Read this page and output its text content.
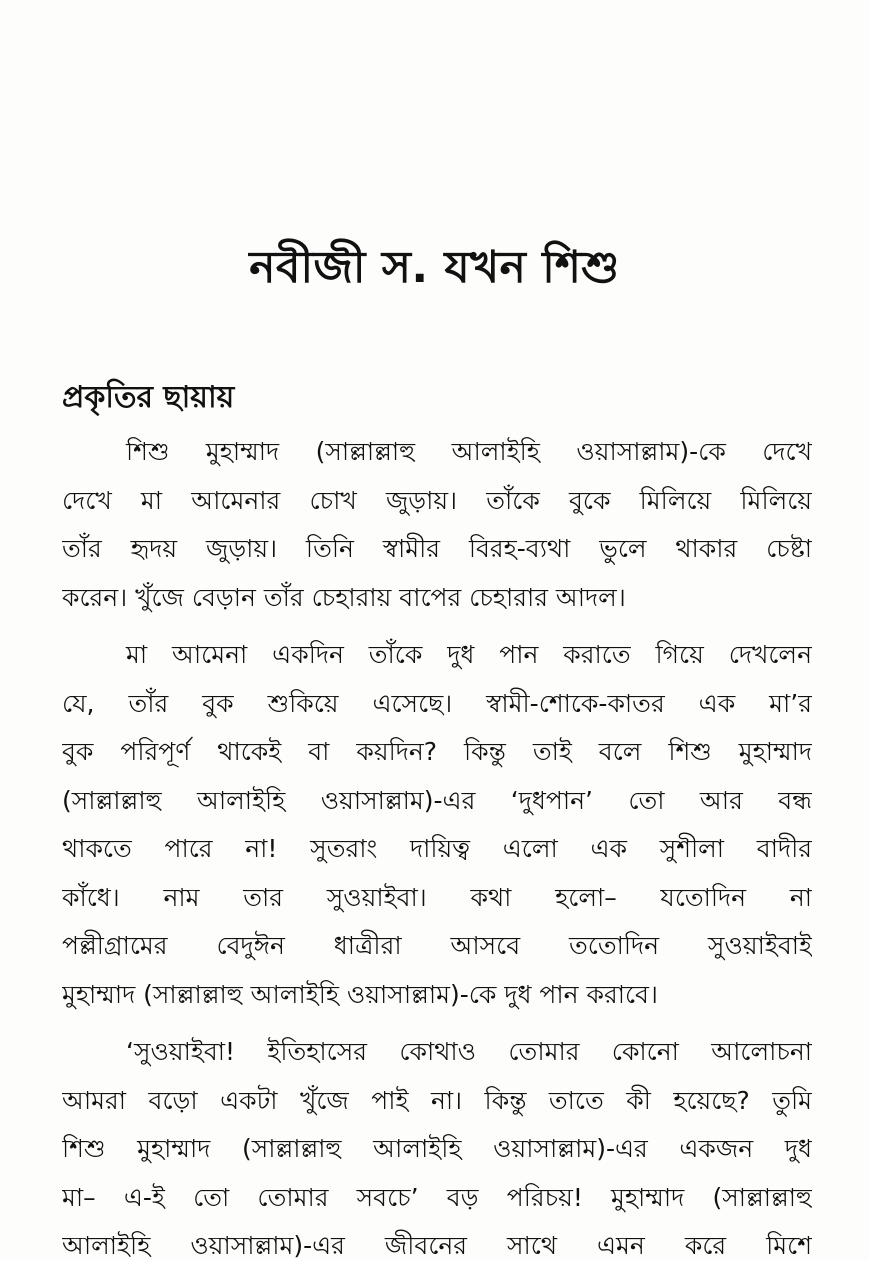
নবীজী স. যখন শিশু
প্রকৃতির ছায়ায়
শিশু মুহাম্মাদ (সাল্লাল্লাহু আলাইহি ওয়াসাল্লাম)-কে দেখে
দেখে মা আমেনার চোখ জুড়ায়। তাঁকে বুকে মিলিয়ে মিলিয়ে
তাঁর হৃদয় জুড়ায়। তিনি স্বামীর বিরহ-ব্যথা ভুলে থাকার চেষ্টা
করেন। খুঁজে বেড়ান তাঁর চেহারায় বাপের চেহারার আদল।
মা আমেনা একদিন তাঁকে দুধ পান করাতে গিয়ে দেখলেন
যে, তাঁর বুক শুকিয়ে এসেছে। স্বামী-শোকে-কাতর এক মা’র
বুক পরিপূর্ণ থাকেই বা কয়দিন? কিন্তু তাই বলে শিশু মুহাম্মাদ
(সাল্লাল্লাহু আলাইহি ওয়াসাল্লাম)-এর ‘দুধপান’ তো আর বন্ধ
থাকতে পারে না! সুতরাং দায়িত্ব এলো এক সুশীলা বাদীর
কাঁধে। নাম তার সুওয়াইবা। কথা হলো– যতোদিন না
পল্লীগ্রামের বেদুঈন ধাত্রীরা আসবে ততোদিন সুওয়াইবাই
মুহাম্মাদ (সাল্লাল্লাহু আলাইহি ওয়াসাল্লাম)-কে দুধ পান করাবে।
‘সুওয়াইবা! ইতিহাসের কোথাও তোমার কোনো আলোচনা
আমরা বড়ো একটা খুঁজে পাই না। কিন্তু তাতে কী হয়েছে? তুমি
শিশু মুহাম্মাদ (সাল্লাল্লাহু আলাইহি ওয়াসাল্লাম)-এর একজন দুধ
মা– এ-ই তো তোমার সবচে’ বড় পরিচয়! মুহাম্মাদ (সাল্লাল্লাহু
আলাইহি ওয়াসাল্লাম)-এর জীবনের সাথে এমন করে মিশে
